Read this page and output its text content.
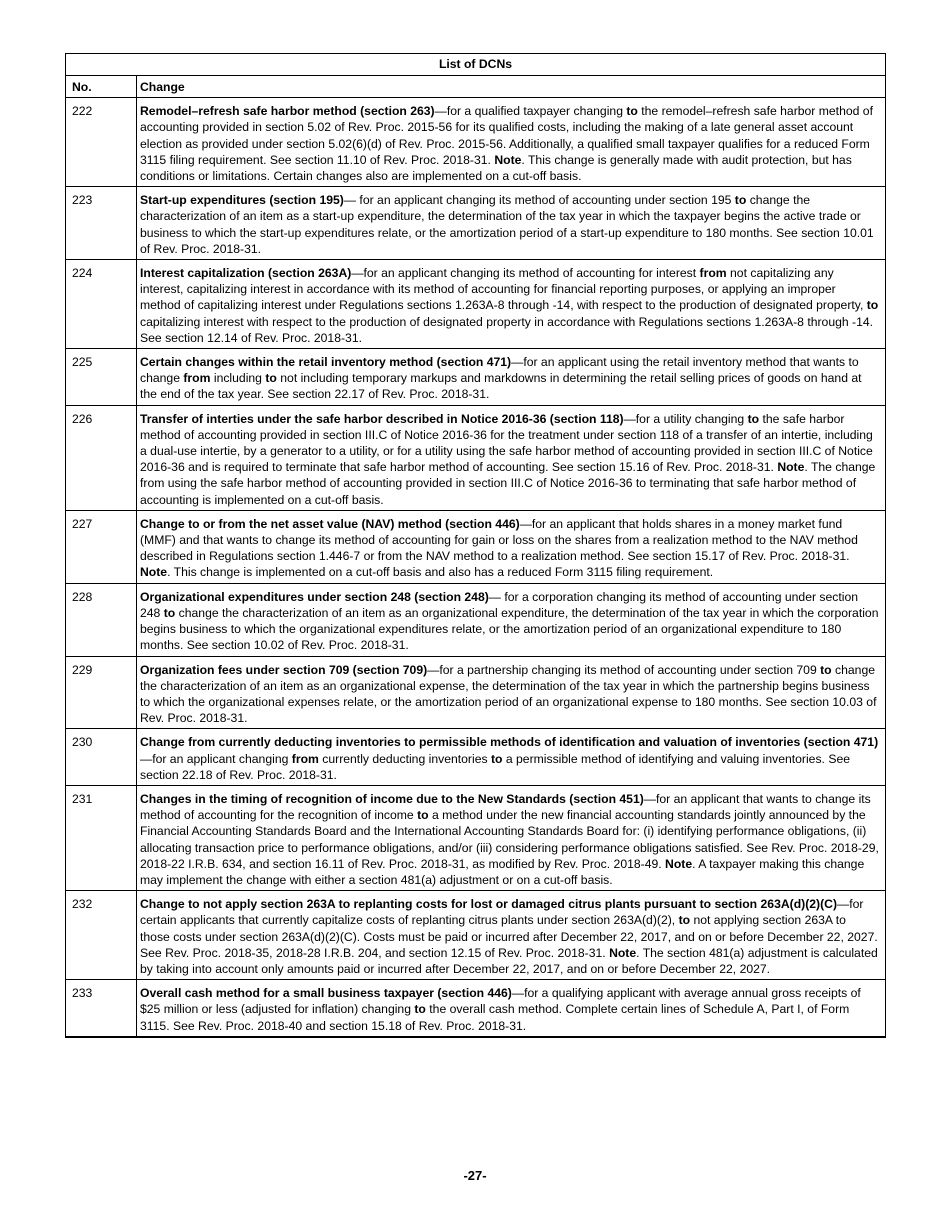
List of DCNs	
No.	Change
222	Remodel–refresh safe harbor method (section 263)—for a qualified taxpayer changing to the remodel–refresh safe harbor method of accounting provided in section 5.02 of Rev. Proc. 2015-56 for its qualified costs, including the making of a late general asset account election as provided under section 5.02(6)(d) of Rev. Proc. 2015-56. Additionally, a qualified small taxpayer qualifies for a reduced Form 3115 filing requirement. See section 11.10 of Rev. Proc. 2018-31. Note. This change is generally made with audit protection, but has conditions or limitations. Certain changes also are implemented on a cut-off basis.
223	Start-up expenditures (section 195)— for an applicant changing its method of accounting under section 195 to change the characterization of an item as a start-up expenditure, the determination of the tax year in which the taxpayer begins the active trade or business to which the start-up expenditures relate, or the amortization period of a start-up expenditure to 180 months. See section 10.01 of Rev. Proc. 2018-31.
224	Interest capitalization (section 263A)—for an applicant changing its method of accounting for interest from not capitalizing any interest, capitalizing interest in accordance with its method of accounting for financial reporting purposes, or applying an improper method of capitalizing interest under Regulations sections 1.263A-8 through -14, with respect to the production of designated property, to capitalizing interest with respect to the production of designated property in accordance with Regulations sections 1.263A-8 through -14. See section 12.14 of Rev. Proc. 2018-31.
225	Certain changes within the retail inventory method (section 471)—for an applicant using the retail inventory method that wants to change from including to not including temporary markups and markdowns in determining the retail selling prices of goods on hand at the end of the tax year. See section 22.17 of Rev. Proc. 2018-31.
226	Transfer of interties under the safe harbor described in Notice 2016-36 (section 118)—for a utility changing to the safe harbor method of accounting provided in section III.C of Notice 2016-36 for the treatment under section 118 of a transfer of an intertie, including a dual-use intertie, by a generator to a utility, or for a utility using the safe harbor method of accounting provided in section III.C of Notice 2016-36 and is required to terminate that safe harbor method of accounting. See section 15.16 of Rev. Proc. 2018-31. Note. The change from using the safe harbor method of accounting provided in section III.C of Notice 2016-36 to terminating that safe harbor method of accounting is implemented on a cut-off basis.
227	Change to or from the net asset value (NAV) method (section 446)—for an applicant that holds shares in a money market fund (MMF) and that wants to change its method of accounting for gain or loss on the shares from a realization method to the NAV method described in Regulations section 1.446-7 or from the NAV method to a realization method. See section 15.17 of Rev. Proc. 2018-31. Note. This change is implemented on a cut-off basis and also has a reduced Form 3115 filing requirement.
228	Organizational expenditures under section 248 (section 248)— for a corporation changing its method of accounting under section 248 to change the characterization of an item as an organizational expenditure, the determination of the tax year in which the corporation begins business to which the organizational expenditures relate, or the amortization period of an organizational expenditure to 180 months. See section 10.02 of Rev. Proc. 2018-31.
229	Organization fees under section 709 (section 709)—for a partnership changing its method of accounting under section 709 to change the characterization of an item as an organizational expense, the determination of the tax year in which the partnership begins business to which the organizational expenses relate, or the amortization period of an organizational expense to 180 months. See section 10.03 of Rev. Proc. 2018-31.
230	Change from currently deducting inventories to permissible methods of identification and valuation of inventories (section 471)—for an applicant changing from currently deducting inventories to a permissible method of identifying and valuing inventories. See section 22.18 of Rev. Proc. 2018-31.
231	Changes in the timing of recognition of income due to the New Standards (section 451)—for an applicant that wants to change its method of accounting for the recognition of income to a method under the new financial accounting standards jointly announced by the Financial Accounting Standards Board and the International Accounting Standards Board for: (i) identifying performance obligations, (ii) allocating transaction price to performance obligations, and/or (iii) considering performance obligations satisfied. See Rev. Proc. 2018-29, 2018-22 I.R.B. 634, and section 16.11 of Rev. Proc. 2018-31, as modified by Rev. Proc. 2018-49. Note. A taxpayer making this change may implement the change with either a section 481(a) adjustment or on a cut-off basis.
232	Change to not apply section 263A to replanting costs for lost or damaged citrus plants pursuant to section 263A(d)(2)(C)—for certain applicants that currently capitalize costs of replanting citrus plants under section 263A(d)(2), to not applying section 263A to those costs under section 263A(d)(2)(C). Costs must be paid or incurred after December 22, 2017, and on or before December 22, 2027. See Rev. Proc. 2018-35, 2018-28 I.R.B. 204, and section 12.15 of Rev. Proc. 2018-31. Note. The section 481(a) adjustment is calculated by taking into account only amounts paid or incurred after December 22, 2017, and on or before December 22, 2027.
233	Overall cash method for a small business taxpayer (section 446)—for a qualifying applicant with average annual gross receipts of $25 million or less (adjusted for inflation) changing to the overall cash method. Complete certain lines of Schedule A, Part I, of Form 3115. See Rev. Proc. 2018-40 and section 15.18 of Rev. Proc. 2018-31.
-27-
